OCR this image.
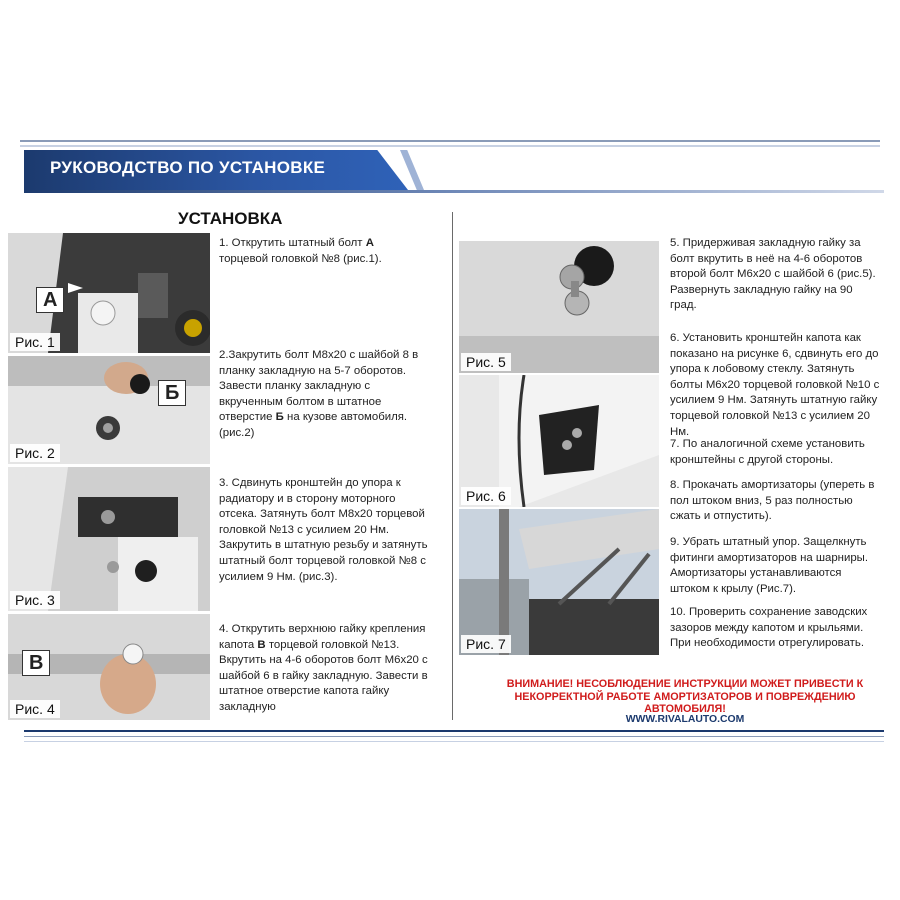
РУКОВОДСТВО ПО УСТАНОВКЕ
УСТАНОВКА
А
Рис. 1
Б
Рис. 2
Рис. 3
В
Рис. 4

1. Открутить штатный болт А торцевой головкой №8 (рис.1).

2.Закрутить болт М8х20 с шайбой 8 в планку закладную на 5-7 оборотов. Завести планку закладную с вкрученным болтом в штатное отверстие Б на кузове автомобиля. (рис.2)

3. Сдвинуть кронштейн до упора к радиатору и в сторону моторного отсека. Затянуть болт М8х20 торцевой головкой №13 с усилием 20 Нм. Закрутить в штатную резьбу и затянуть штатный болт торцевой головкой №8 с усилием 9 Нм. (рис.3).

4. Открутить верхнюю гайку крепления капота В торцевой головкой №13. Вкрутить на 4-6 оборотов болт М6х20 с шайбой 6 в гайку закладную. Завести в штатное отверстие капота гайку закладную

Рис. 5
Рис. 6
Рис. 7

5. Придерживая закладную гайку за болт вкрутить в неё на 4-6 оборотов второй болт М6х20 с шайбой 6 (рис.5). Развернуть закладную гайку на 90 град.

6. Установить кронштейн капота как показано на рисунке 6, сдвинуть его до упора к лобовому стеклу. Затянуть болты М6х20 торцевой головкой №10 с усилием 9 Нм. Затянуть штатную гайку торцевой головкой №13 с усилием 20 Нм.

7. По аналогичной схеме установить кронштейны с другой стороны.

8. Прокачать амортизаторы (упереть в пол штоком вниз, 5 раз полностью сжать и отпустить).

9. Убрать штатный упор. Защелкнуть фитинги амортизаторов на шарниры. Амортизаторы устанавливаются штоком к крылу (Рис.7).

10. Проверить сохранение заводских зазоров между капотом и крыльями. При необходимости отрегулировать.

ВНИМАНИЕ! НЕСОБЛЮДЕНИЕ ИНСТРУКЦИИ МОЖЕТ ПРИВЕСТИ К НЕКОРРЕКТНОЙ РАБОТЕ АМОРТИЗАТОРОВ И ПОВРЕЖДЕНИЮ АВТОМОБИЛЯ!
WWW.RIVALAUTO.COM
